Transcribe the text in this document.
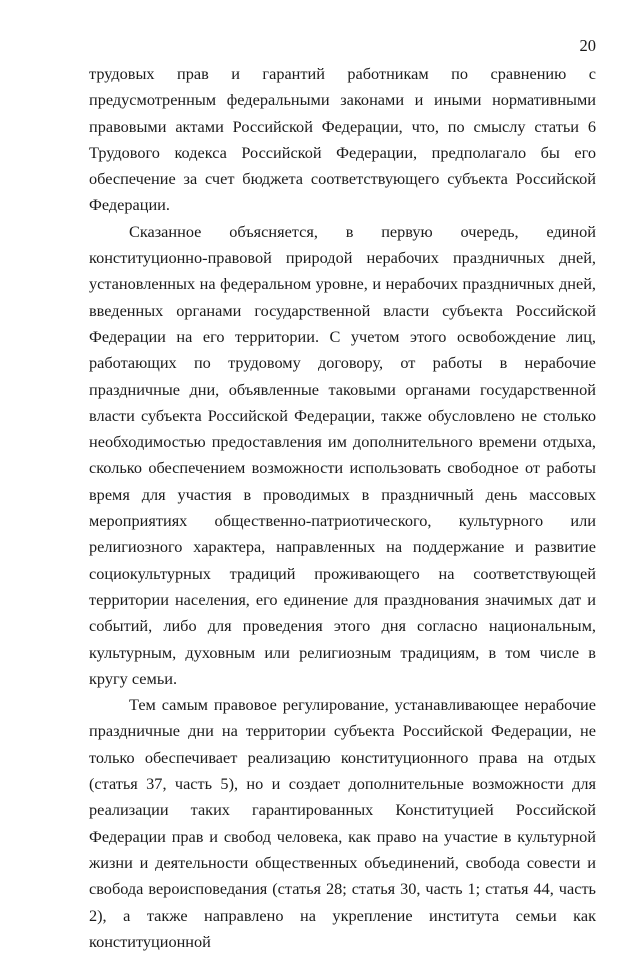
20

трудовых прав и гарантий работникам по сравнению с предусмотренным федеральными законами и иными нормативными правовыми актами Российской Федерации, что, по смыслу статьи 6 Трудового кодекса Российской Федерации, предполагало бы его обеспечение за счет бюджета соответствующего субъекта Российской Федерации.

Сказанное объясняется, в первую очередь, единой конституционно-правовой природой нерабочих праздничных дней, установленных на федеральном уровне, и нерабочих праздничных дней, введенных органами государственной власти субъекта Российской Федерации на его территории. С учетом этого освобождение лиц, работающих по трудовому договору, от работы в нерабочие праздничные дни, объявленные таковыми органами государственной власти субъекта Российской Федерации, также обусловлено не столько необходимостью предоставления им дополнительного времени отдыха, сколько обеспечением возможности использовать свободное от работы время для участия в проводимых в праздничный день массовых мероприятиях общественно-патриотического, культурного или религиозного характера, направленных на поддержание и развитие социокультурных традиций проживающего на соответствующей территории населения, его единение для празднования значимых дат и событий, либо для проведения этого дня согласно национальным, культурным, духовным или религиозным традициям, в том числе в кругу семьи.

Тем самым правовое регулирование, устанавливающее нерабочие праздничные дни на территории субъекта Российской Федерации, не только обеспечивает реализацию конституционного права на отдых (статья 37, часть 5), но и создает дополнительные возможности для реализации таких гарантированных Конституцией Российской Федерации прав и свобод человека, как право на участие в культурной жизни и деятельности общественных объединений, свобода совести и свобода вероисповедания (статья 28; статья 30, часть 1; статья 44, часть 2), а также направлено на укрепление института семьи как конституционной
